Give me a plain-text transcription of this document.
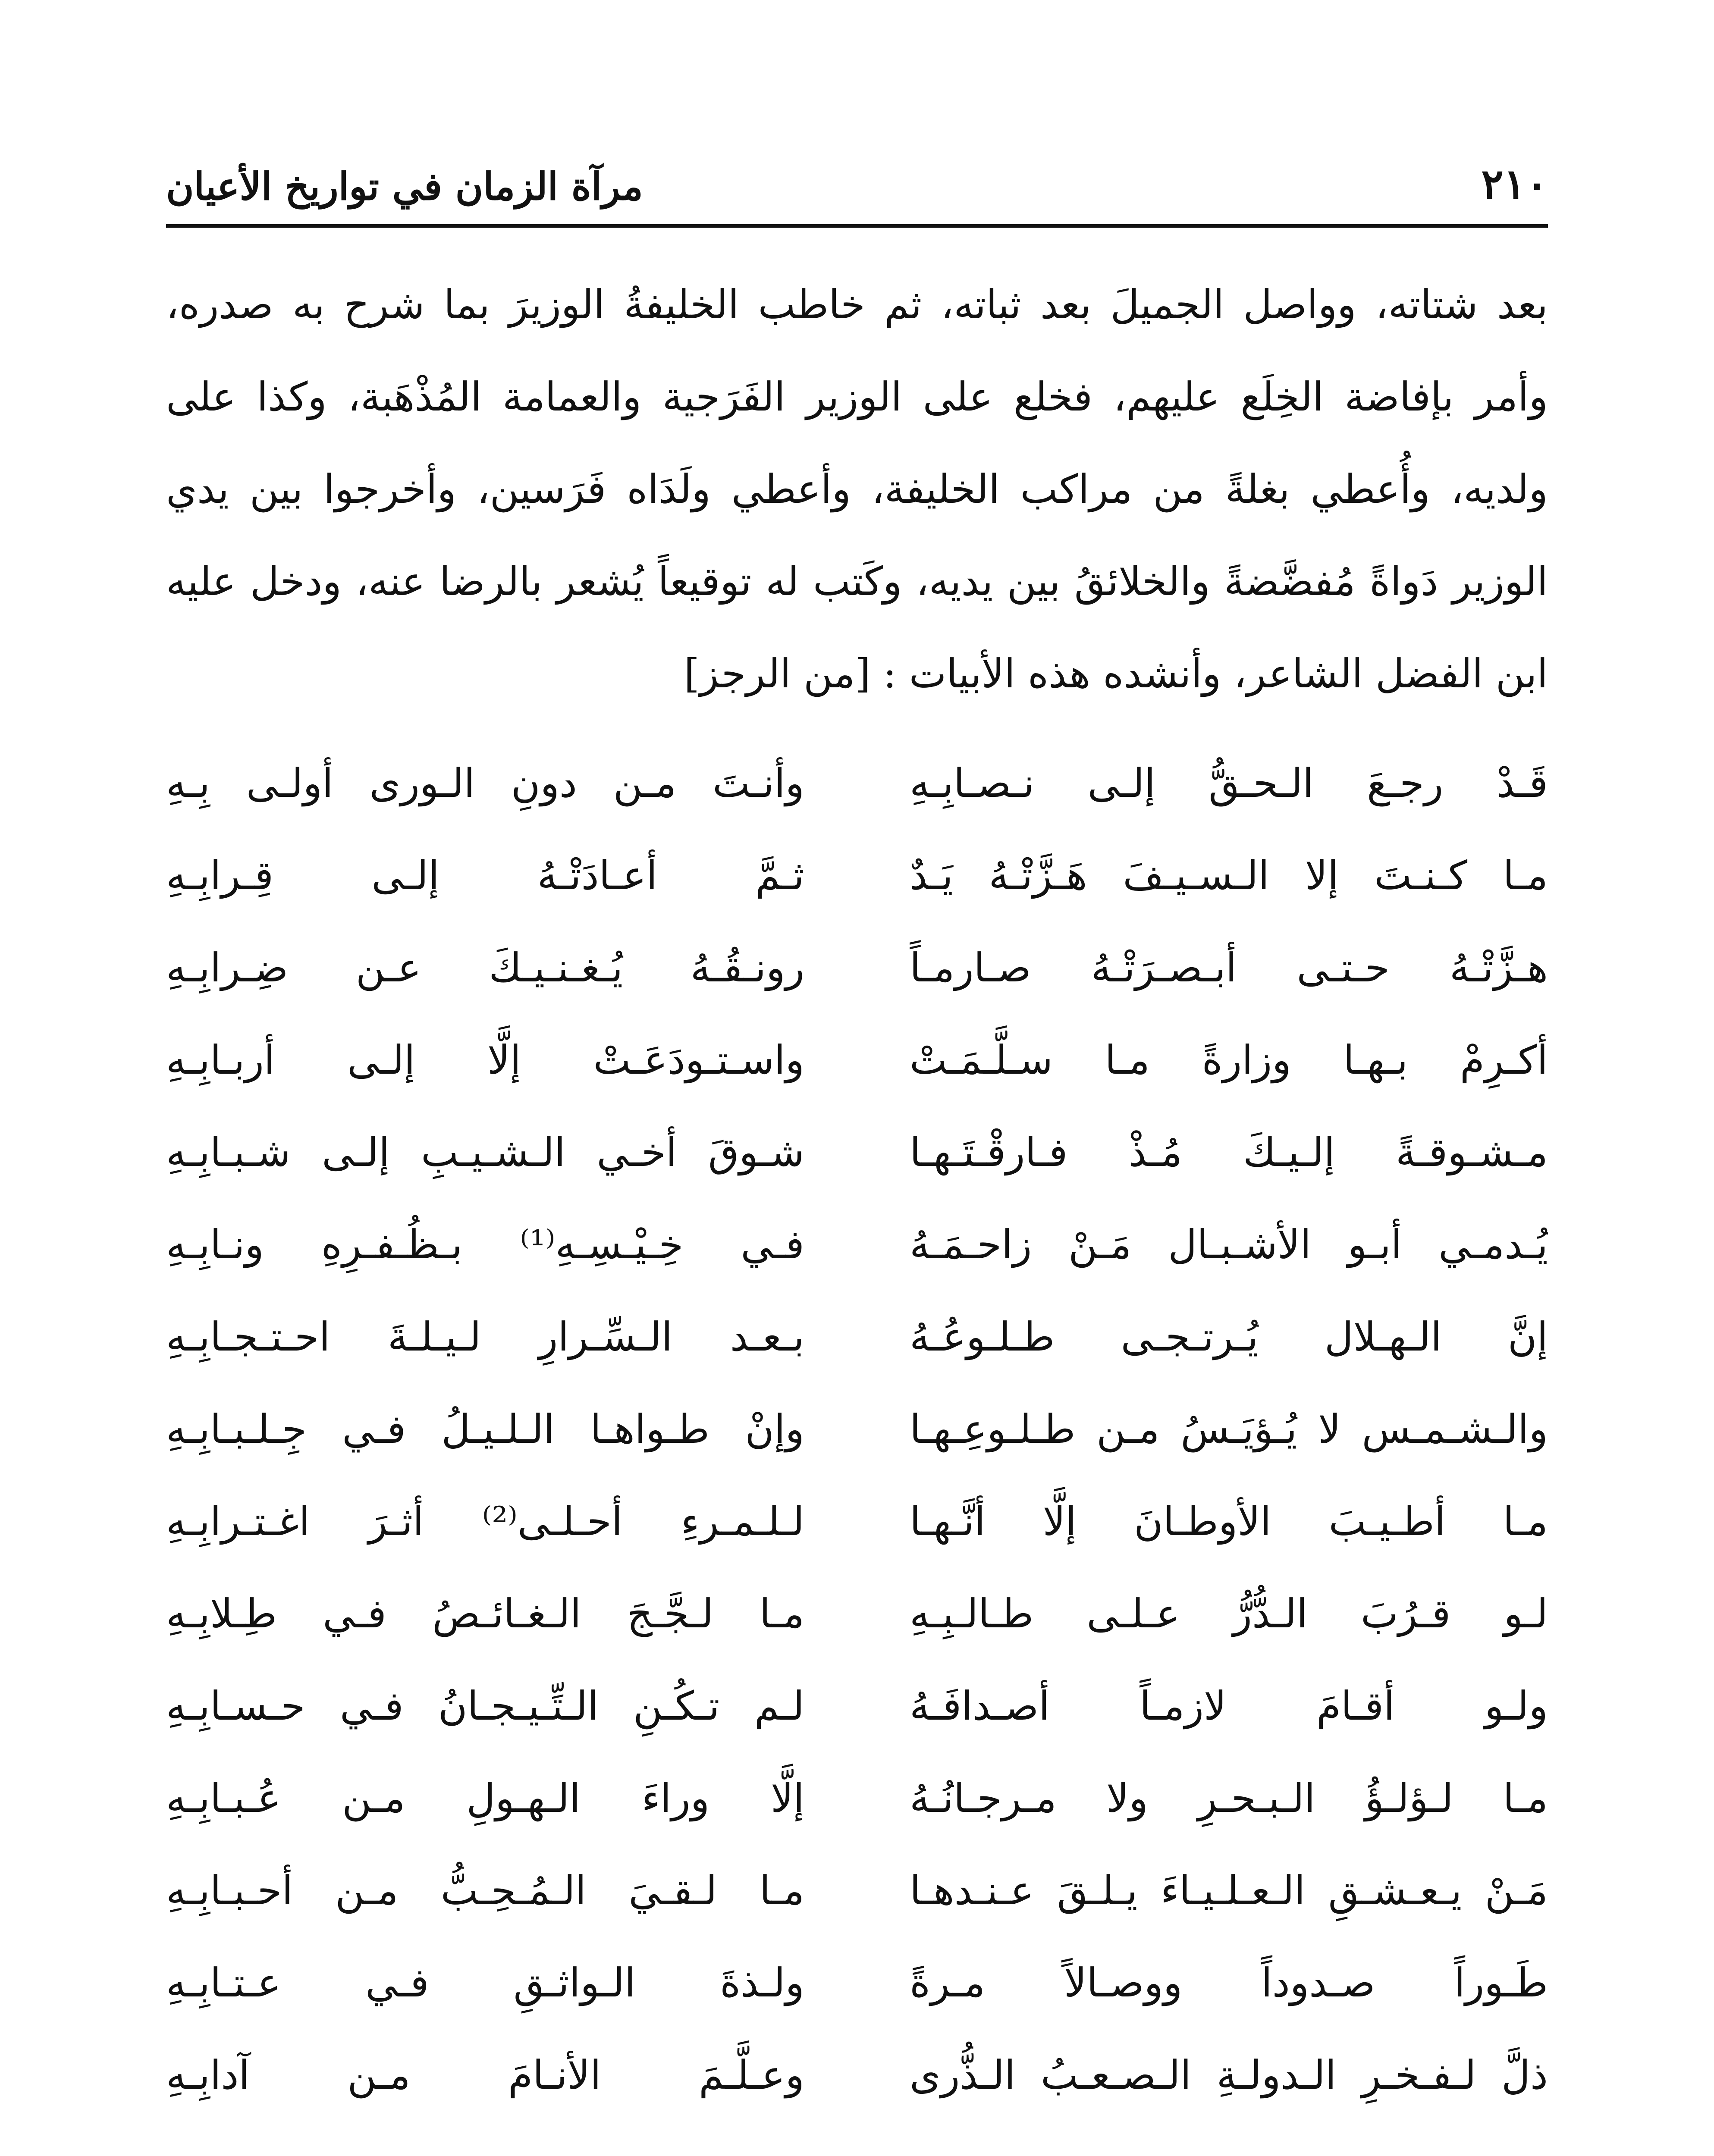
٢١٠
مرآة الزمان في تواريخ الأعيان

بعد شتاته، وواصل الجميلَ بعد ثباته، ثم خاطب الخليفةُ الوزيرَ بما شرح به صدره، وأمر بإفاضة الخِلَع عليهم، فخلع على الوزير الفَرَجية والعمامة المُذْهَبة، وكذا على ولديه، وأُعطي بغلةً من مراكب الخليفة، وأعطي ولَدَاه فَرَسين، وأخرجوا بين يدي الوزير دَواةً مُفضَّضةً والخلائقُ بين يديه، وكَتب له توقيعاً يُشعر بالرضا عنه، ودخل عليه ابن الفضل الشاعر، وأنشده هذه الأبيات : [من الرجز]

قَـدْ رجـعَ الـحـقُّ إلـى نـصـابِـهِ
وأنـتَ مـن دونِ الـورى أولـى بِـهِ
مـا كـنـتَ إلا الـسـيـفَ هَـزَّتْـهُ يَـدٌ
ثـمَّ أعـادَتْـهُ إلـى قِـرابِـهِ
هـزَّتْـهُ حـتـى أبـصـرَتْـهُ صـارمـاً
رونـقُـهُ يُـغـنـيـكَ عـن ضِـرابِـهِ
أكـرِمْ بـهـا وزارةً مـا سـلَّـمَـتْ
واسـتـودَعَـتْ إلَّا إلـى أربـابِـهِ
مـشـوقـةً إلـيـكَ مُـذْ فـارقْـتَـهـا
شـوقَ أخـي الـشـيـبِ إلـى شـبـابِـهِ
يُـدمـي أبـو الأشـبـال مَـنْ زاحـمَـهُ
فـي خِـيْـسِـهِ⁽¹⁾ بـظُـفـرِهِ ونـابِـهِ
إنَّ الـهـلال يُـرتـجـى طـلـوعُـهُ
بـعـد الـسِّـرارِ لـيـلـةَ احـتـجـابِـهِ
والـشـمـس لا يُـؤيَـسُ مـن طـلـوعِـهـا
وإنْ طـواهـا الـلـيـلُ فـي جِـلـبـابِـهِ
مـا أطـيـبَ الأوطـانَ إلَّا أنَّـهـا
لـلـمـرءِ أحـلـى⁽²⁾ أثـرَ اغـتـرابِـهِ
لـو قـرُبَ الـدُّرُّ عـلـى طـالـبِـهِ
مـا لـجَّـجَ الـغـائـصُ فـي طِـلابِـهِ
ولـو أقـامَ لازمـاً أصـدافَـهُ
لـم تـكُـنِ الـتِّـيـجـانُ فـي حـسـابِـهِ
مـا لـؤلـؤُ الـبـحـرِ ولا مـرجـانُـهُ
إلَّا وراءَ الـهـولِ مـن عُـبـابِـهِ
مَـنْ يـعـشـقِ الـعـلـيـاءَ يـلـقَ عـنـدهـا
مـا لـقـيَ الـمُـحِـبُّ مـن أحـبـابِـهِ
طَـوراً صـدوداً ووصـالاً مـرةً
ولـذةَ الـواثـقِ فـي عـتـابِـهِ
ذلَّ لـفـخـرِ الـدولـةِ الـصـعـبُ الـذُّرى
وعـلَّـمَ الأنـامَ مـن آدابِـهِ
